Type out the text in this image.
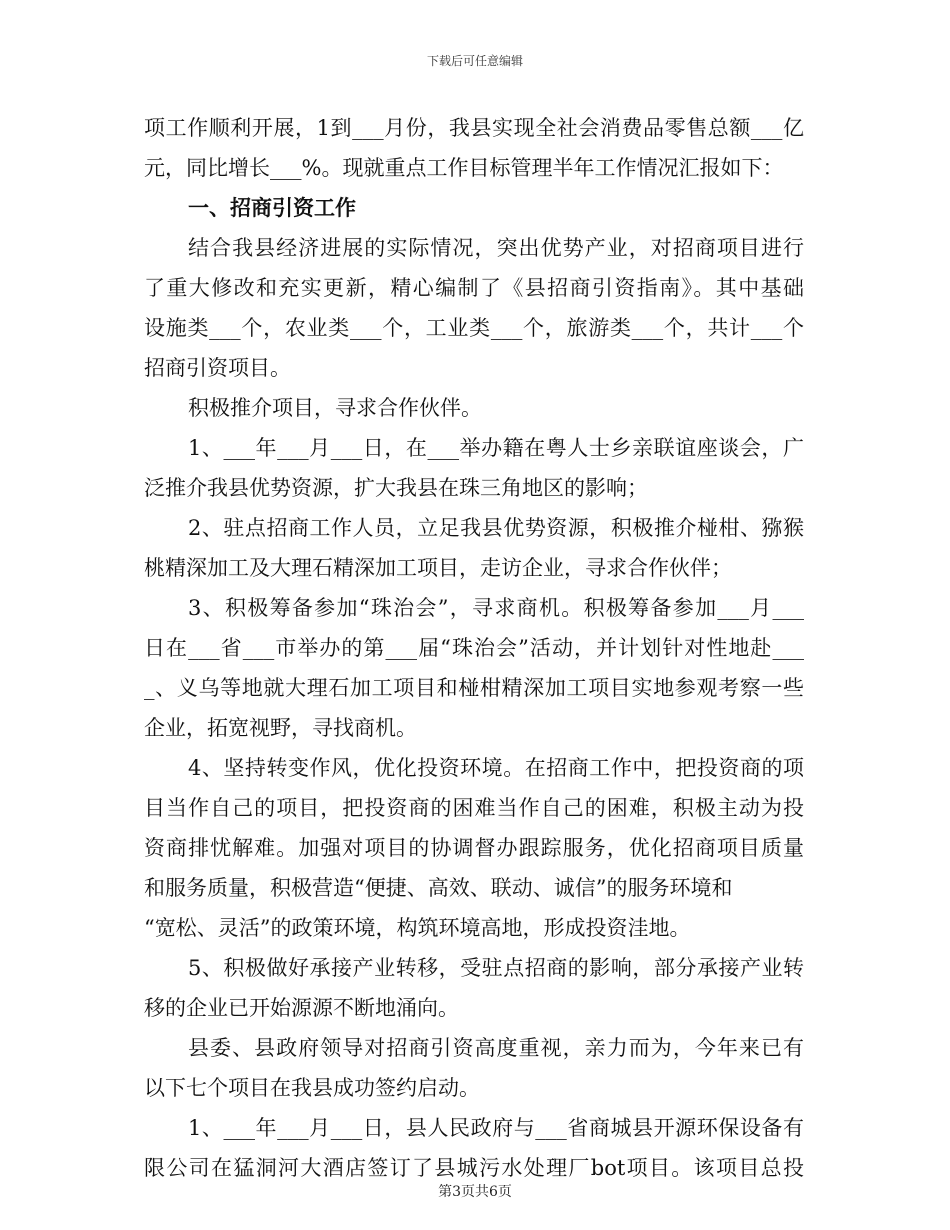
下载后可任意编辑
项工作顺利开展，1到___月份，我县实现全社会消费品零售总额___亿
元，同比增长___%。现就重点工作目标管理半年工作情况汇报如下：
一、招商引资工作
结合我县经济进展的实际情况，突出优势产业，对招商项目进行
了重大修改和充实更新，精心编制了《县招商引资指南》。其中基础
设施类___个，农业类___个，工业类___个，旅游类___个，共计___个
招商引资项目。
积极推介项目，寻求合作伙伴。
1、___年___月___日，在___举办籍在粤人士乡亲联谊座谈会，广
泛推介我县优势资源，扩大我县在珠三角地区的影响；
2、驻点招商工作人员，立足我县优势资源，积极推介椪柑、猕猴
桃精深加工及大理石精深加工项目，走访企业，寻求合作伙伴；
3、积极筹备参加“珠治会”，寻求商机。积极筹备参加___月___
日在___省___市举办的第___届“珠治会”活动，并计划针对性地赴___
_、义乌等地就大理石加工项目和椪柑精深加工项目实地参观考察一些
企业，拓宽视野，寻找商机。
4、坚持转变作风，优化投资环境。在招商工作中，把投资商的项
目当作自己的项目，把投资商的困难当作自己的困难，积极主动为投
资商排忧解难。加强对项目的协调督办跟踪服务，优化招商项目质量
和服务质量，积极营造“便捷、高效、联动、诚信”的服务环境和
“宽松、灵活”的政策环境，构筑环境高地，形成投资洼地。
5、积极做好承接产业转移，受驻点招商的影响，部分承接产业转
移的企业已开始源源不断地涌向。
县委、县政府领导对招商引资高度重视，亲力而为，今年来已有
以下七个项目在我县成功签约启动。
1、___年___月___日，县人民政府与___省商城县开源环保设备有
限公司在猛洞河大酒店签订了县城污水处理厂bot项目。该项目总投
第3页共6页
